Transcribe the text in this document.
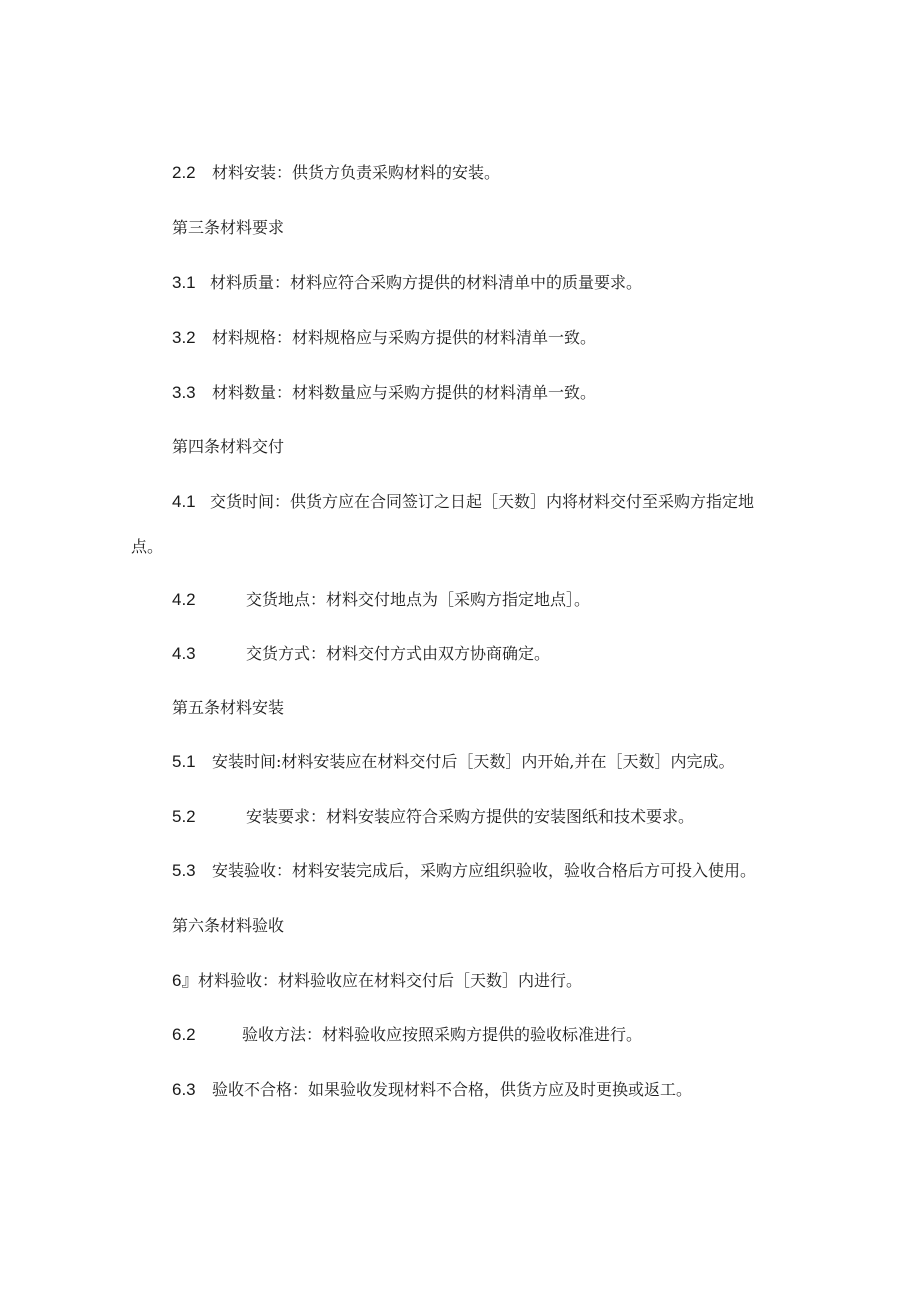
2.2 材料安装：供货方负责采购材料的安装。
第三条材料要求
3.1 材料质量：材料应符合采购方提供的材料清单中的质量要求。
3.2 材料规格：材料规格应与采购方提供的材料清单一致。
3.3 材料数量：材料数量应与采购方提供的材料清单一致。
第四条材料交付
4.1 交货时间：供货方应在合同签订之日起［天数］内将材料交付至采购方指定地
点。
4.2	交货地点：材料交付地点为［采购方指定地点］。
4.3	交货方式：材料交付方式由双方协商确定。
第五条材料安装
5.1 安装时间:材料安装应在材料交付后［天数］内开始,并在［天数］内完成。
5.2	安装要求：材料安装应符合采购方提供的安装图纸和技术要求。
5.3 安装验收：材料安装完成后，采购方应组织验收，验收合格后方可投入使用。
第六条材料验收
6』材料验收：材料验收应在材料交付后［天数］内进行。
6.2	验收方法：材料验收应按照采购方提供的验收标准进行。
6.3 验收不合格：如果验收发现材料不合格，供货方应及时更换或返工。
